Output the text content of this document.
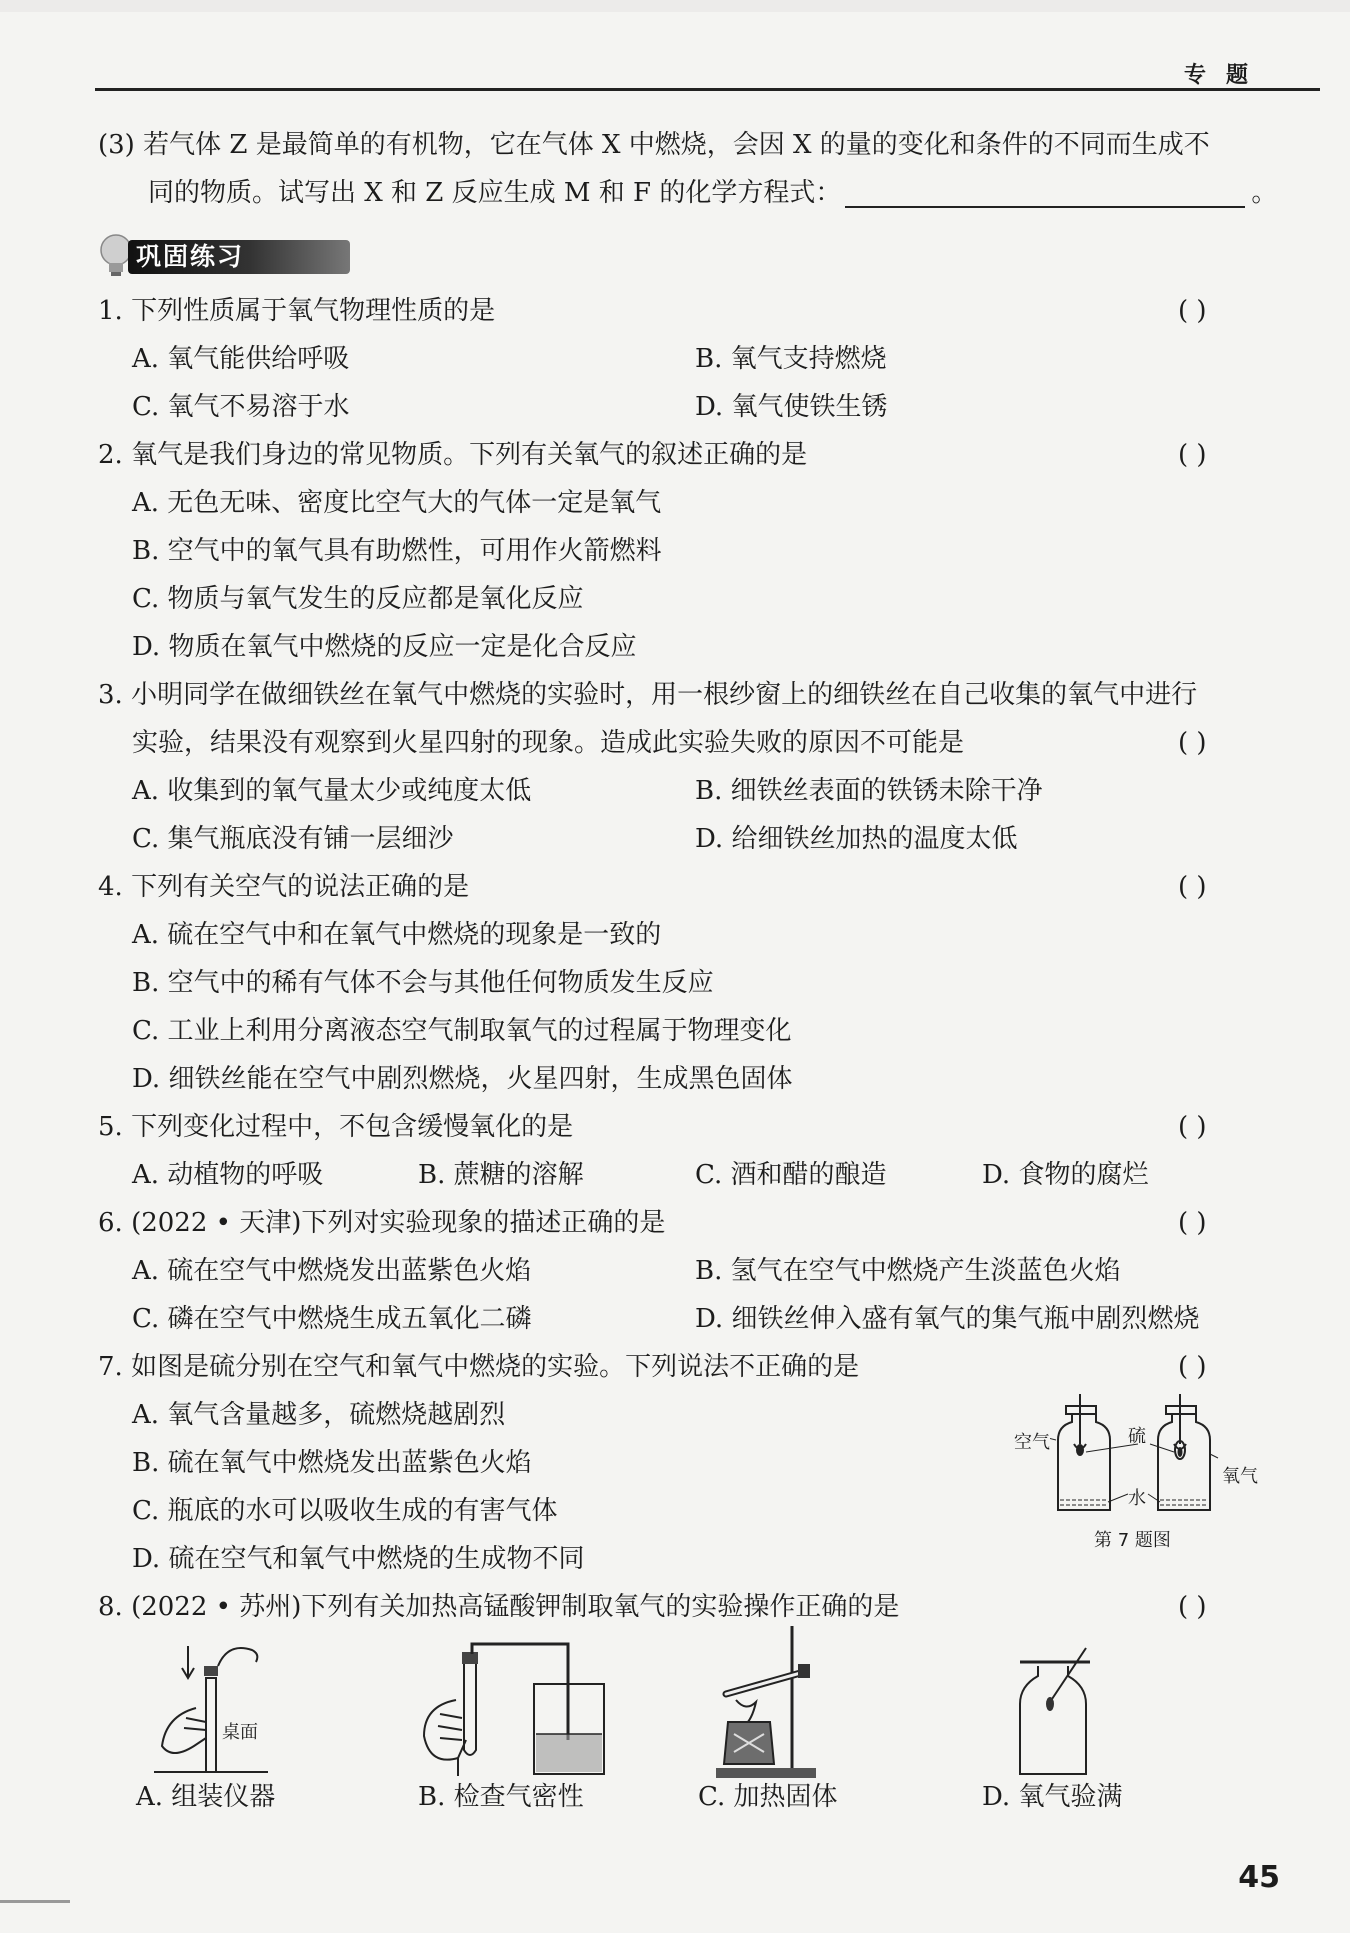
专题
(3) 若气体 Z 是最简单的有机物，它在气体 X 中燃烧，会因 X 的量的变化和条件的不同而生成不
同的物质。试写出 X 和 Z 反应生成 M 和 F 的化学方程式：	。
巩固练习
1. 下列性质属于氧气物理性质的是	( )
A. 氧气能供给呼吸	B. 氧气支持燃烧
C. 氧气不易溶于水	D. 氧气使铁生锈
2. 氧气是我们身边的常见物质。下列有关氧气的叙述正确的是	( )
A. 无色无味、密度比空气大的气体一定是氧气
B. 空气中的氧气具有助燃性，可用作火箭燃料
C. 物质与氧气发生的反应都是氧化反应
D. 物质在氧气中燃烧的反应一定是化合反应
3. 小明同学在做细铁丝在氧气中燃烧的实验时，用一根纱窗上的细铁丝在自己收集的氧气中进行
实验，结果没有观察到火星四射的现象。造成此实验失败的原因不可能是	( )
A. 收集到的氧气量太少或纯度太低	B. 细铁丝表面的铁锈未除干净
C. 集气瓶底没有铺一层细沙	D. 给细铁丝加热的温度太低
4. 下列有关空气的说法正确的是	( )
A. 硫在空气中和在氧气中燃烧的现象是一致的
B. 空气中的稀有气体不会与其他任何物质发生反应
C. 工业上利用分离液态空气制取氧气的过程属于物理变化
D. 细铁丝能在空气中剧烈燃烧，火星四射，生成黑色固体
5. 下列变化过程中，不包含缓慢氧化的是	( )
A. 动植物的呼吸	B. 蔗糖的溶解	C. 酒和醋的酿造	D. 食物的腐烂
6. (2022 • 天津)下列对实验现象的描述正确的是	( )
A. 硫在空气中燃烧发出蓝紫色火焰	B. 氢气在空气中燃烧产生淡蓝色火焰
C. 磷在空气中燃烧生成五氧化二磷	D. 细铁丝伸入盛有氧气的集气瓶中剧烈燃烧
7. 如图是硫分别在空气和氧气中燃烧的实验。下列说法不正确的是	( )
A. 氧气含量越多，硫燃烧越剧烈
B. 硫在氧气中燃烧发出蓝紫色火焰
C. 瓶底的水可以吸收生成的有害气体
D. 硫在空气和氧气中燃烧的生成物不同
空气	硫
氧气
水
第 7 题图
8. (2022 • 苏州)下列有关加热高锰酸钾制取氧气的实验操作正确的是	( )
桌面
A. 组装仪器	B. 检查气密性	C. 加热固体	D. 氧气验满
45
